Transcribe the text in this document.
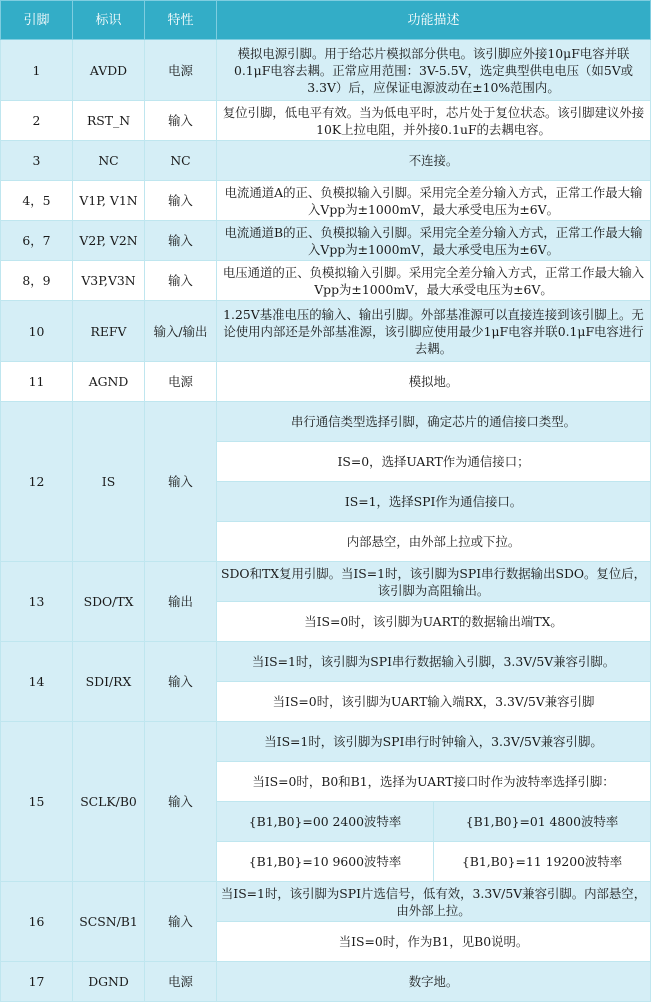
引脚	标识	特性	功能描述	
1	AVDD	电源	模拟电源引脚。用于给芯片模拟部分供电。该引脚应外接10μF电容并联0.1μF电容去耦。正常应用范围：3V-5.5V，选定典型供电电压（如5V或3.3V）后，应保证电源波动在±10%范围内。	
2	RST_N	输入	复位引脚，低电平有效。当为低电平时，芯片处于复位状态。该引脚建议外接10K上拉电阻，并外接0.1uF的去耦电容。	
3	NC	NC	不连接。	
4，5	V1P, V1N	输入	电流通道A的正、负模拟输入引脚。采用完全差分输入方式，正常工作最大输入Vpp为±1000mV，最大承受电压为±6V。	
6，7	V2P, V2N	输入	电流通道B的正、负模拟输入引脚。采用完全差分输入方式，正常工作最大输入Vpp为±1000mV，最大承受电压为±6V。	
8，9	V3P,V3N	输入	电压通道的正、负模拟输入引脚。采用完全差分输入方式，正常工作最大输入Vpp为±1000mV，最大承受电压为±6V。	
10	REFV	输入/输出	1.25V基准电压的输入、输出引脚。外部基准源可以直接连接到该引脚上。无论使用内部还是外部基准源，该引脚应使用最少1μF电容并联0.1μF电容进行去耦。	
11	AGND	电源	模拟地。	
12	IS	输入	串行通信类型选择引脚，确定芯片的通信接口类型。	
			IS=0，选择UART作为通信接口；	
			IS=1，选择SPI作为通信接口。	
			内部悬空，由外部上拉或下拉。	
13	SDO/TX	输出	SDO和TX复用引脚。当IS=1时，该引脚为SPI串行数据输出SDO。复位后，该引脚为高阻输出。	
			当IS=0时，该引脚为UART的数据输出端TX。	
14	SDI/RX	输入	当IS=1时，该引脚为SPI串行数据输入引脚，3.3V/5V兼容引脚。	
			当IS=0时，该引脚为UART输入端RX，3.3V/5V兼容引脚	
15	SCLK/B0	输入	当IS=1时，该引脚为SPI串行时钟输入，3.3V/5V兼容引脚。	
			当IS=0时，B0和B1，选择为UART接口时作为波特率选择引脚：	
			{B1,B0}=00 2400波特率	{B1,B0}=01 4800波特率
			{B1,B0}=10 9600波特率	{B1,B0}=11 19200波特率
16	SCSN/B1	输入	当IS=1时，该引脚为SPI片选信号，低有效，3.3V/5V兼容引脚。内部悬空，由外部上拉。	
			当IS=0时，作为B1，见B0说明。	
17	DGND	电源	数字地。	
